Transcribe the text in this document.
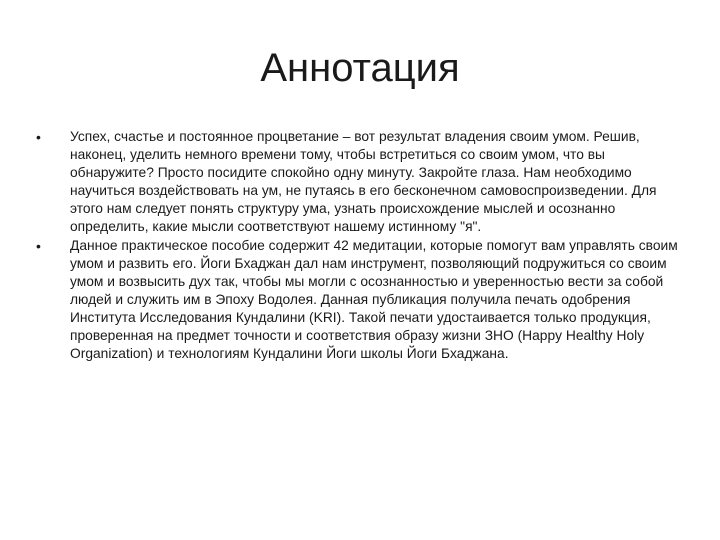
Аннотация
•	Успех, счастье и постоянное процветание – вот результат владения своим умом. Решив, наконец, уделить немного времени тому, чтобы встретиться со своим умом, что вы обнаружите? Просто посидите спокойно одну минуту. Закройте глаза. Нам необходимо научиться воздействовать на ум, не путаясь в его бесконечном самовоспроизведении. Для этого нам следует понять структуру ума, узнать происхождение мыслей и осознанно определить, какие мысли соответствуют нашему истинному "я".
•	Данное практическое пособие содержит 42 медитации, которые помогут вам управлять своим умом и развить его. Йоги Бхаджан дал нам инструмент, позволяющий подружиться со своим умом и возвысить дух так, чтобы мы могли с осознанностью и уверенностью вести за собой людей и служить им в Эпоху Водолея. Данная публикация получила печать одобрения Института Исследования Кундалини (KRI). Такой печати удостаивается только продукция, проверенная на предмет точности и соответствия образу жизни ЗНО (Happy Healthy Holy Organization) и технологиям Кундалини Йоги школы Йоги Бхаджана.
